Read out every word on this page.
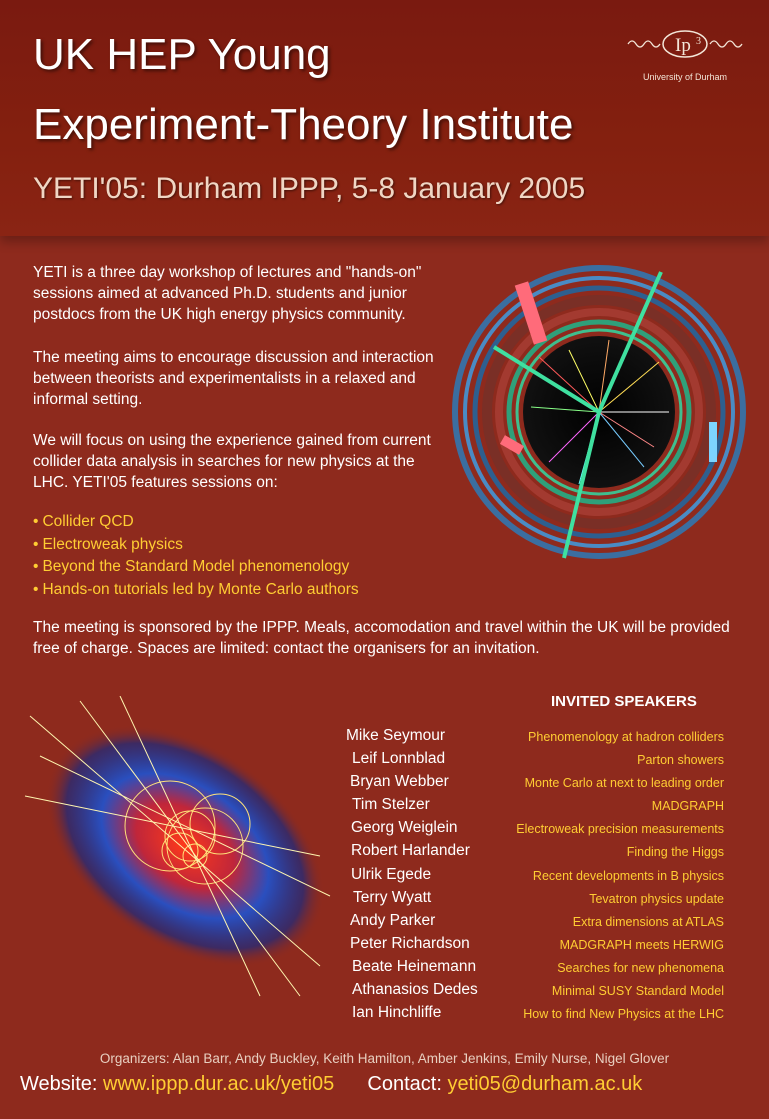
UK HEP Young
Experiment-Theory Institute
YETI'05: Durham IPPP, 5-8 January 2005
Ip 3
University of Durham

YETI is a three day workshop of lectures and "hands-on" sessions aimed at advanced Ph.D. students and junior postdocs from the UK high energy physics community.

The meeting aims to encourage discussion and interaction between theorists and experimentalists in a relaxed and informal setting.

We will focus on using the experience gained from current collider data analysis in searches for new physics at the LHC. YETI'05 features sessions on:

• Collider QCD
• Electroweak physics
• Beyond the Standard Model phenomenology
• Hands-on tutorials led by Monte Carlo authors

The meeting is sponsored by the IPPP. Meals, accomodation and travel within the UK will be provided free of charge. Spaces are limited: contact the organisers for an invitation.

INVITED SPEAKERS
Mike Seymour	Phenomenology at hadron colliders
Leif Lonnblad	Parton showers
Bryan Webber	Monte Carlo at next to leading order
Tim Stelzer	MADGRAPH
Georg Weiglein	Electroweak precision measurements
Robert Harlander	Finding the Higgs
Ulrik Egede	Recent developments in B physics
Terry Wyatt	Tevatron physics update
Andy Parker	Extra dimensions at ATLAS
Peter Richardson	MADGRAPH meets HERWIG
Beate Heinemann	Searches for new phenomena
Athanasios Dedes	Minimal SUSY Standard Model
Ian Hinchliffe	How to find New Physics at the LHC

Organizers: Alan Barr, Andy Buckley, Keith Hamilton, Amber Jenkins, Emily Nurse, Nigel Glover

Website: www.ippp.dur.ac.uk/yeti05 Contact: yeti05@durham.ac.uk
